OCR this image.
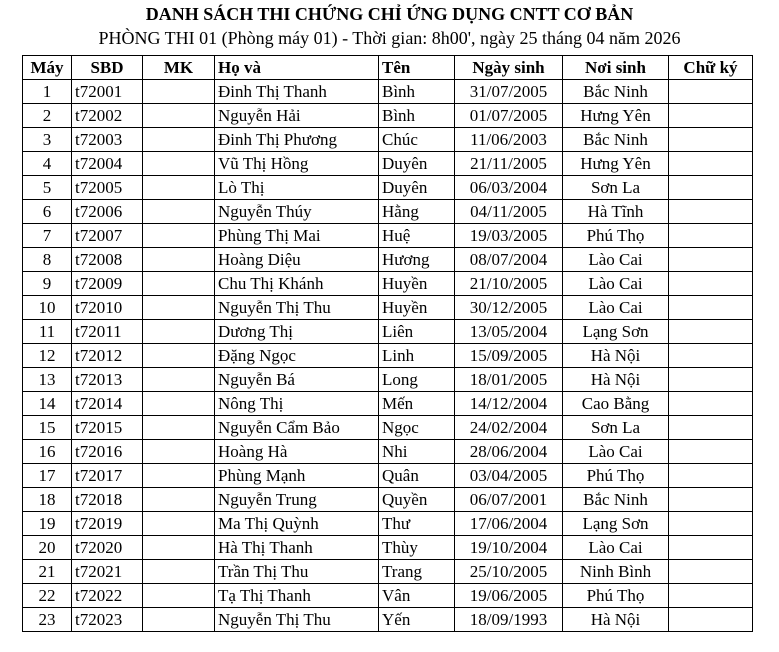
DANH SÁCH THI CHỨNG CHỈ ỨNG DỤNG CNTT CƠ BẢN
PHÒNG THI 01 (Phòng máy 01) - Thời gian: 8h00', ngày 25 tháng 04 năm 2026
Máy	SBD	MK	Họ và	Tên	Ngày sinh	Nơi sinh	Chữ ký
1	t72001		Đinh Thị Thanh	Bình	31/07/2005	Bắc Ninh	
2	t72002		Nguyễn Hải	Bình	01/07/2005	Hưng Yên	
3	t72003		Đinh Thị Phương	Chúc	11/06/2003	Bắc Ninh	
4	t72004		Vũ Thị Hồng	Duyên	21/11/2005	Hưng Yên	
5	t72005		Lò Thị	Duyên	06/03/2004	Sơn La	
6	t72006		Nguyễn Thúy	Hằng	04/11/2005	Hà Tĩnh	
7	t72007		Phùng Thị Mai	Huệ	19/03/2005	Phú Thọ	
8	t72008		Hoàng Diệu	Hương	08/07/2004	Lào Cai	
9	t72009		Chu Thị Khánh	Huyền	21/10/2005	Lào Cai	
10	t72010		Nguyễn Thị Thu	Huyền	30/12/2005	Lào Cai	
11	t72011		Dương Thị	Liên	13/05/2004	Lạng Sơn	
12	t72012		Đặng Ngọc	Linh	15/09/2005	Hà Nội	
13	t72013		Nguyễn Bá	Long	18/01/2005	Hà Nội	
14	t72014		Nông Thị	Mến	14/12/2004	Cao Bằng	
15	t72015		Nguyễn Cẩm Bảo	Ngọc	24/02/2004	Sơn La	
16	t72016		Hoàng Hà	Nhi	28/06/2004	Lào Cai	
17	t72017		Phùng Mạnh	Quân	03/04/2005	Phú Thọ	
18	t72018		Nguyễn Trung	Quyền	06/07/2001	Bắc Ninh	
19	t72019		Ma Thị Quỳnh	Thư	17/06/2004	Lạng Sơn	
20	t72020		Hà Thị Thanh	Thùy	19/10/2004	Lào Cai	
21	t72021		Trần Thị Thu	Trang	25/10/2005	Ninh Bình	
22	t72022		Tạ Thị Thanh	Vân	19/06/2005	Phú Thọ	
23	t72023		Nguyễn Thị Thu	Yến	18/09/1993	Hà Nội	
